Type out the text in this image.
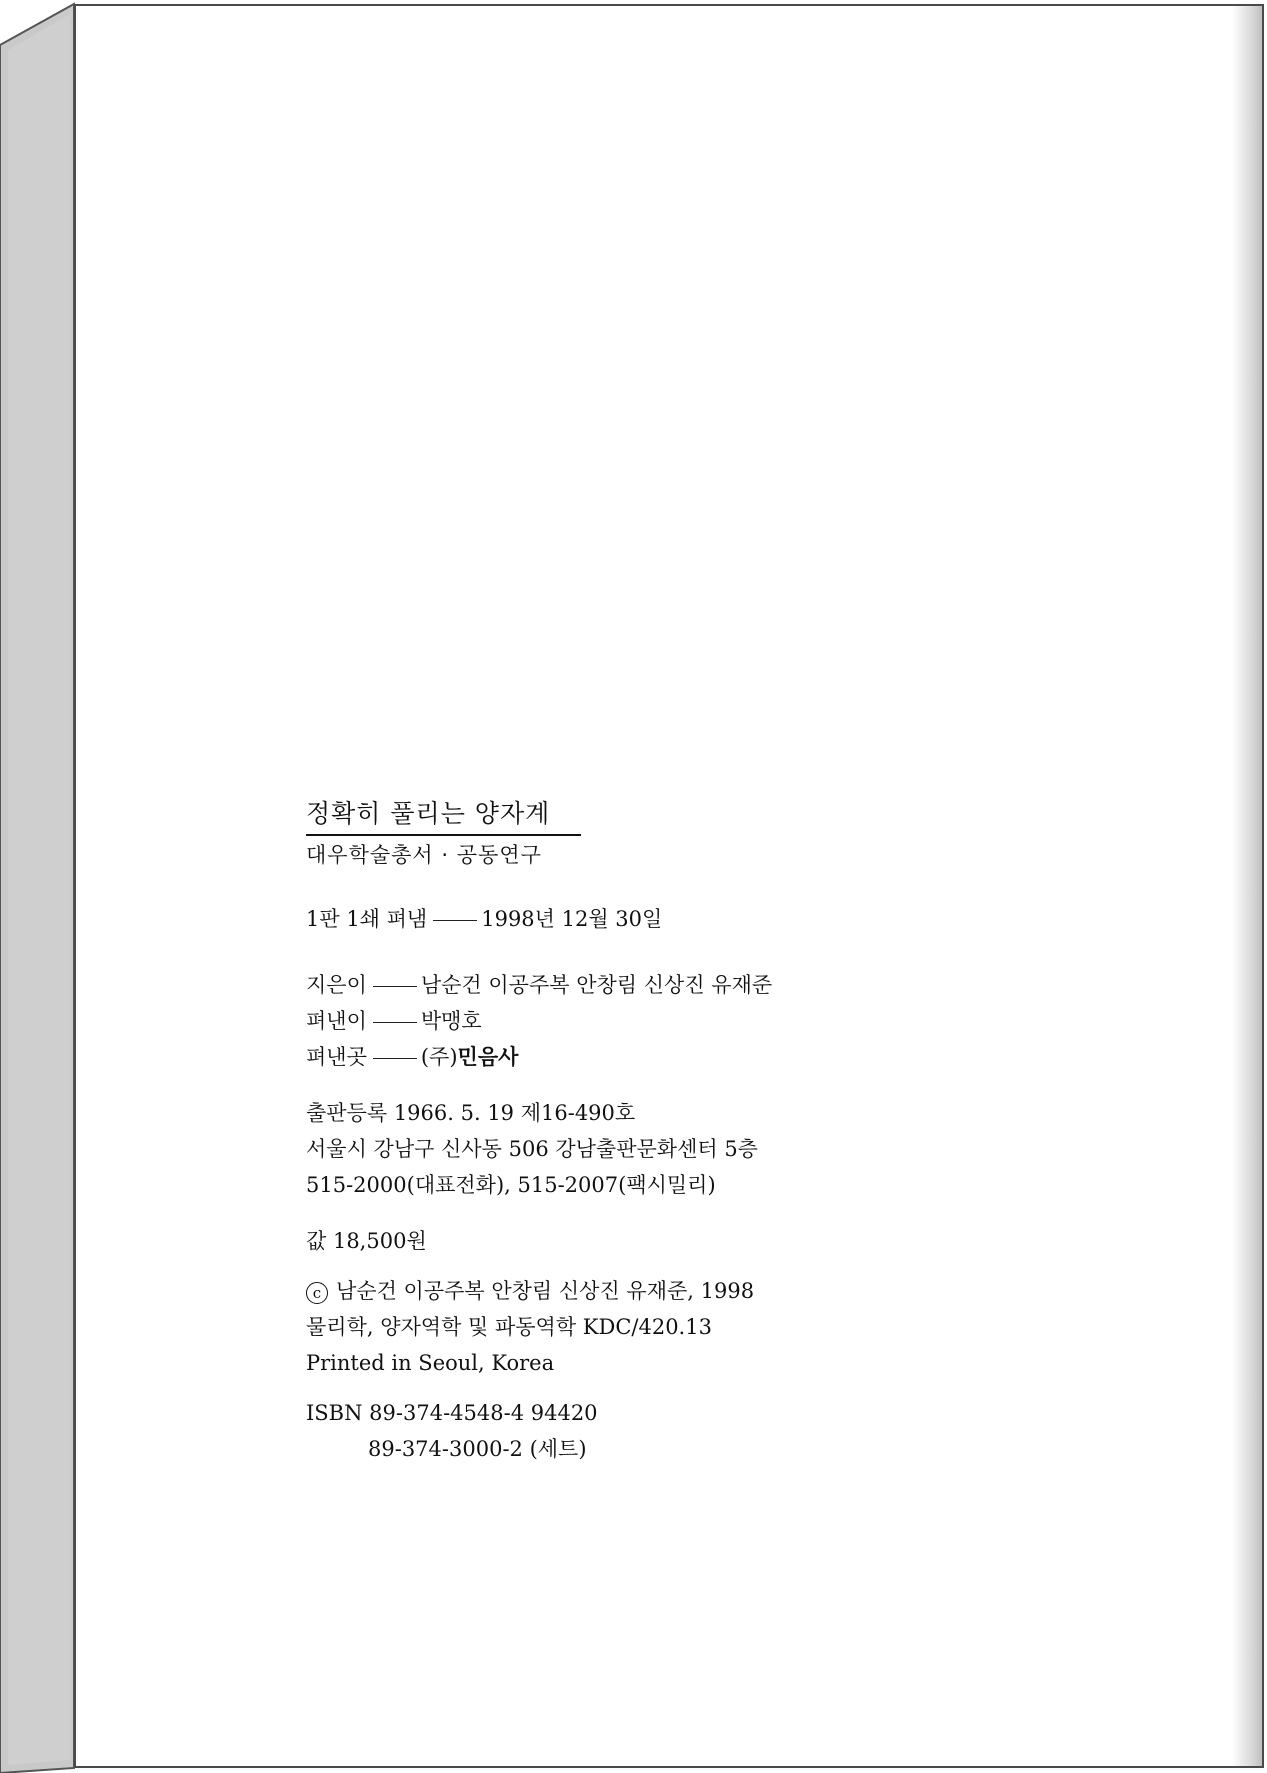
정확히 풀리는 양자계
대우학술총서 · 공동연구
1판 1쇄 펴냄	1998년 12월 30일
지은이	남순건 이공주복 안창림 신상진 유재준
펴낸이	박맹호
펴낸곳	(주)민음사
출판등록 1966. 5. 19 제16-490호
서울시 강남구 신사동 506 강남출판문화센터 5층
515-2000(대표전화), 515-2007(팩시밀리)
값 18,500원
c 남순건 이공주복 안창림 신상진 유재준, 1998
물리학, 양자역학 및 파동역학 KDC/420.13
Printed in Seoul, Korea
ISBN 89-374-4548-4 94420
89-374-3000-2 (세트)
